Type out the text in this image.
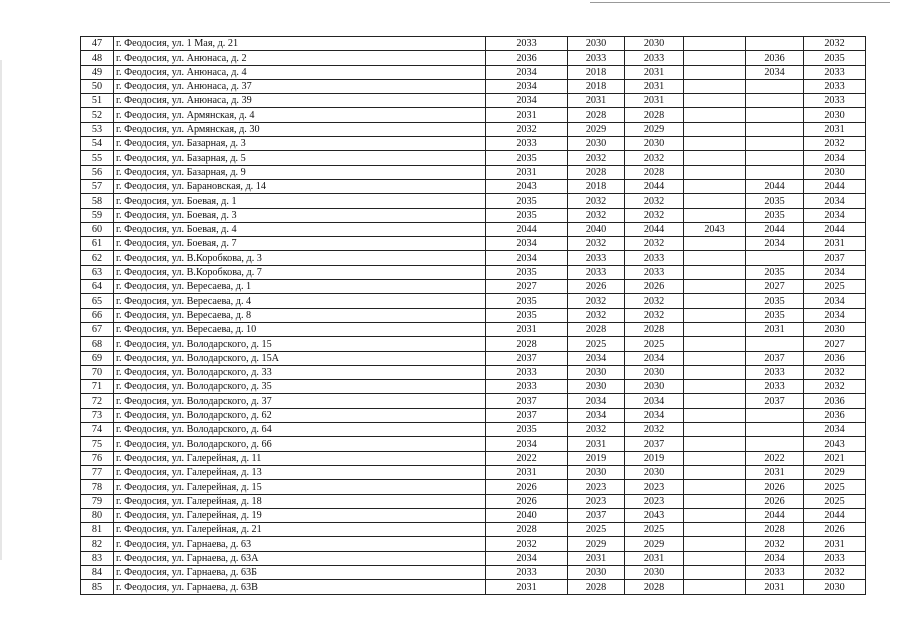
47	г. Феодосия, ул. 1 Мая, д. 21	2033	2030	2030			2032
48	г. Феодосия, ул. Анюнаса, д. 2	2036	2033	2033		2036	2035
49	г. Феодосия, ул. Анюнаса, д. 4	2034	2018	2031		2034	2033
50	г. Феодосия, ул. Анюнаса, д. 37	2034	2018	2031			2033
51	г. Феодосия, ул. Анюнаса, д. 39	2034	2031	2031			2033
52	г. Феодосия, ул. Армянская, д. 4	2031	2028	2028			2030
53	г. Феодосия, ул. Армянская, д. 30	2032	2029	2029			2031
54	г. Феодосия, ул. Базарная, д. 3	2033	2030	2030			2032
55	г. Феодосия, ул. Базарная, д. 5	2035	2032	2032			2034
56	г. Феодосия, ул. Базарная, д. 9	2031	2028	2028			2030
57	г. Феодосия, ул. Барановская, д. 14	2043	2018	2044		2044	2044
58	г. Феодосия, ул. Боевая, д. 1	2035	2032	2032		2035	2034
59	г. Феодосия, ул. Боевая, д. 3	2035	2032	2032		2035	2034
60	г. Феодосия, ул. Боевая, д. 4	2044	2040	2044	2043	2044	2044
61	г. Феодосия, ул. Боевая, д. 7	2034	2032	2032		2034	2031
62	г. Феодосия, ул. В.Коробкова, д. 3	2034	2033	2033			2037
63	г. Феодосия, ул. В.Коробкова, д. 7	2035	2033	2033		2035	2034
64	г. Феодосия, ул. Вересаева, д. 1	2027	2026	2026		2027	2025
65	г. Феодосия, ул. Вересаева, д. 4	2035	2032	2032		2035	2034
66	г. Феодосия, ул. Вересаева, д. 8	2035	2032	2032		2035	2034
67	г. Феодосия, ул. Вересаева, д. 10	2031	2028	2028		2031	2030
68	г. Феодосия, ул. Володарского, д. 15	2028	2025	2025			2027
69	г. Феодосия, ул. Володарского, д. 15А	2037	2034	2034		2037	2036
70	г. Феодосия, ул. Володарского, д. 33	2033	2030	2030		2033	2032
71	г. Феодосия, ул. Володарского, д. 35	2033	2030	2030		2033	2032
72	г. Феодосия, ул. Володарского, д. 37	2037	2034	2034		2037	2036
73	г. Феодосия, ул. Володарского, д. 62	2037	2034	2034			2036
74	г. Феодосия, ул. Володарского, д. 64	2035	2032	2032			2034
75	г. Феодосия, ул. Володарского, д. 66	2034	2031	2037			2043
76	г. Феодосия, ул. Галерейная, д. 11	2022	2019	2019		2022	2021
77	г. Феодосия, ул. Галерейная, д. 13	2031	2030	2030		2031	2029
78	г. Феодосия, ул. Галерейная, д. 15	2026	2023	2023		2026	2025
79	г. Феодосия, ул. Галерейная, д. 18	2026	2023	2023		2026	2025
80	г. Феодосия, ул. Галерейная, д. 19	2040	2037	2043		2044	2044
81	г. Феодосия, ул. Галерейная, д. 21	2028	2025	2025		2028	2026
82	г. Феодосия, ул. Гарнаева, д. 63	2032	2029	2029		2032	2031
83	г. Феодосия, ул. Гарнаева, д. 63А	2034	2031	2031		2034	2033
84	г. Феодосия, ул. Гарнаева, д. 63Б	2033	2030	2030		2033	2032
85	г. Феодосия, ул. Гарнаева, д. 63В	2031	2028	2028		2031	2030
